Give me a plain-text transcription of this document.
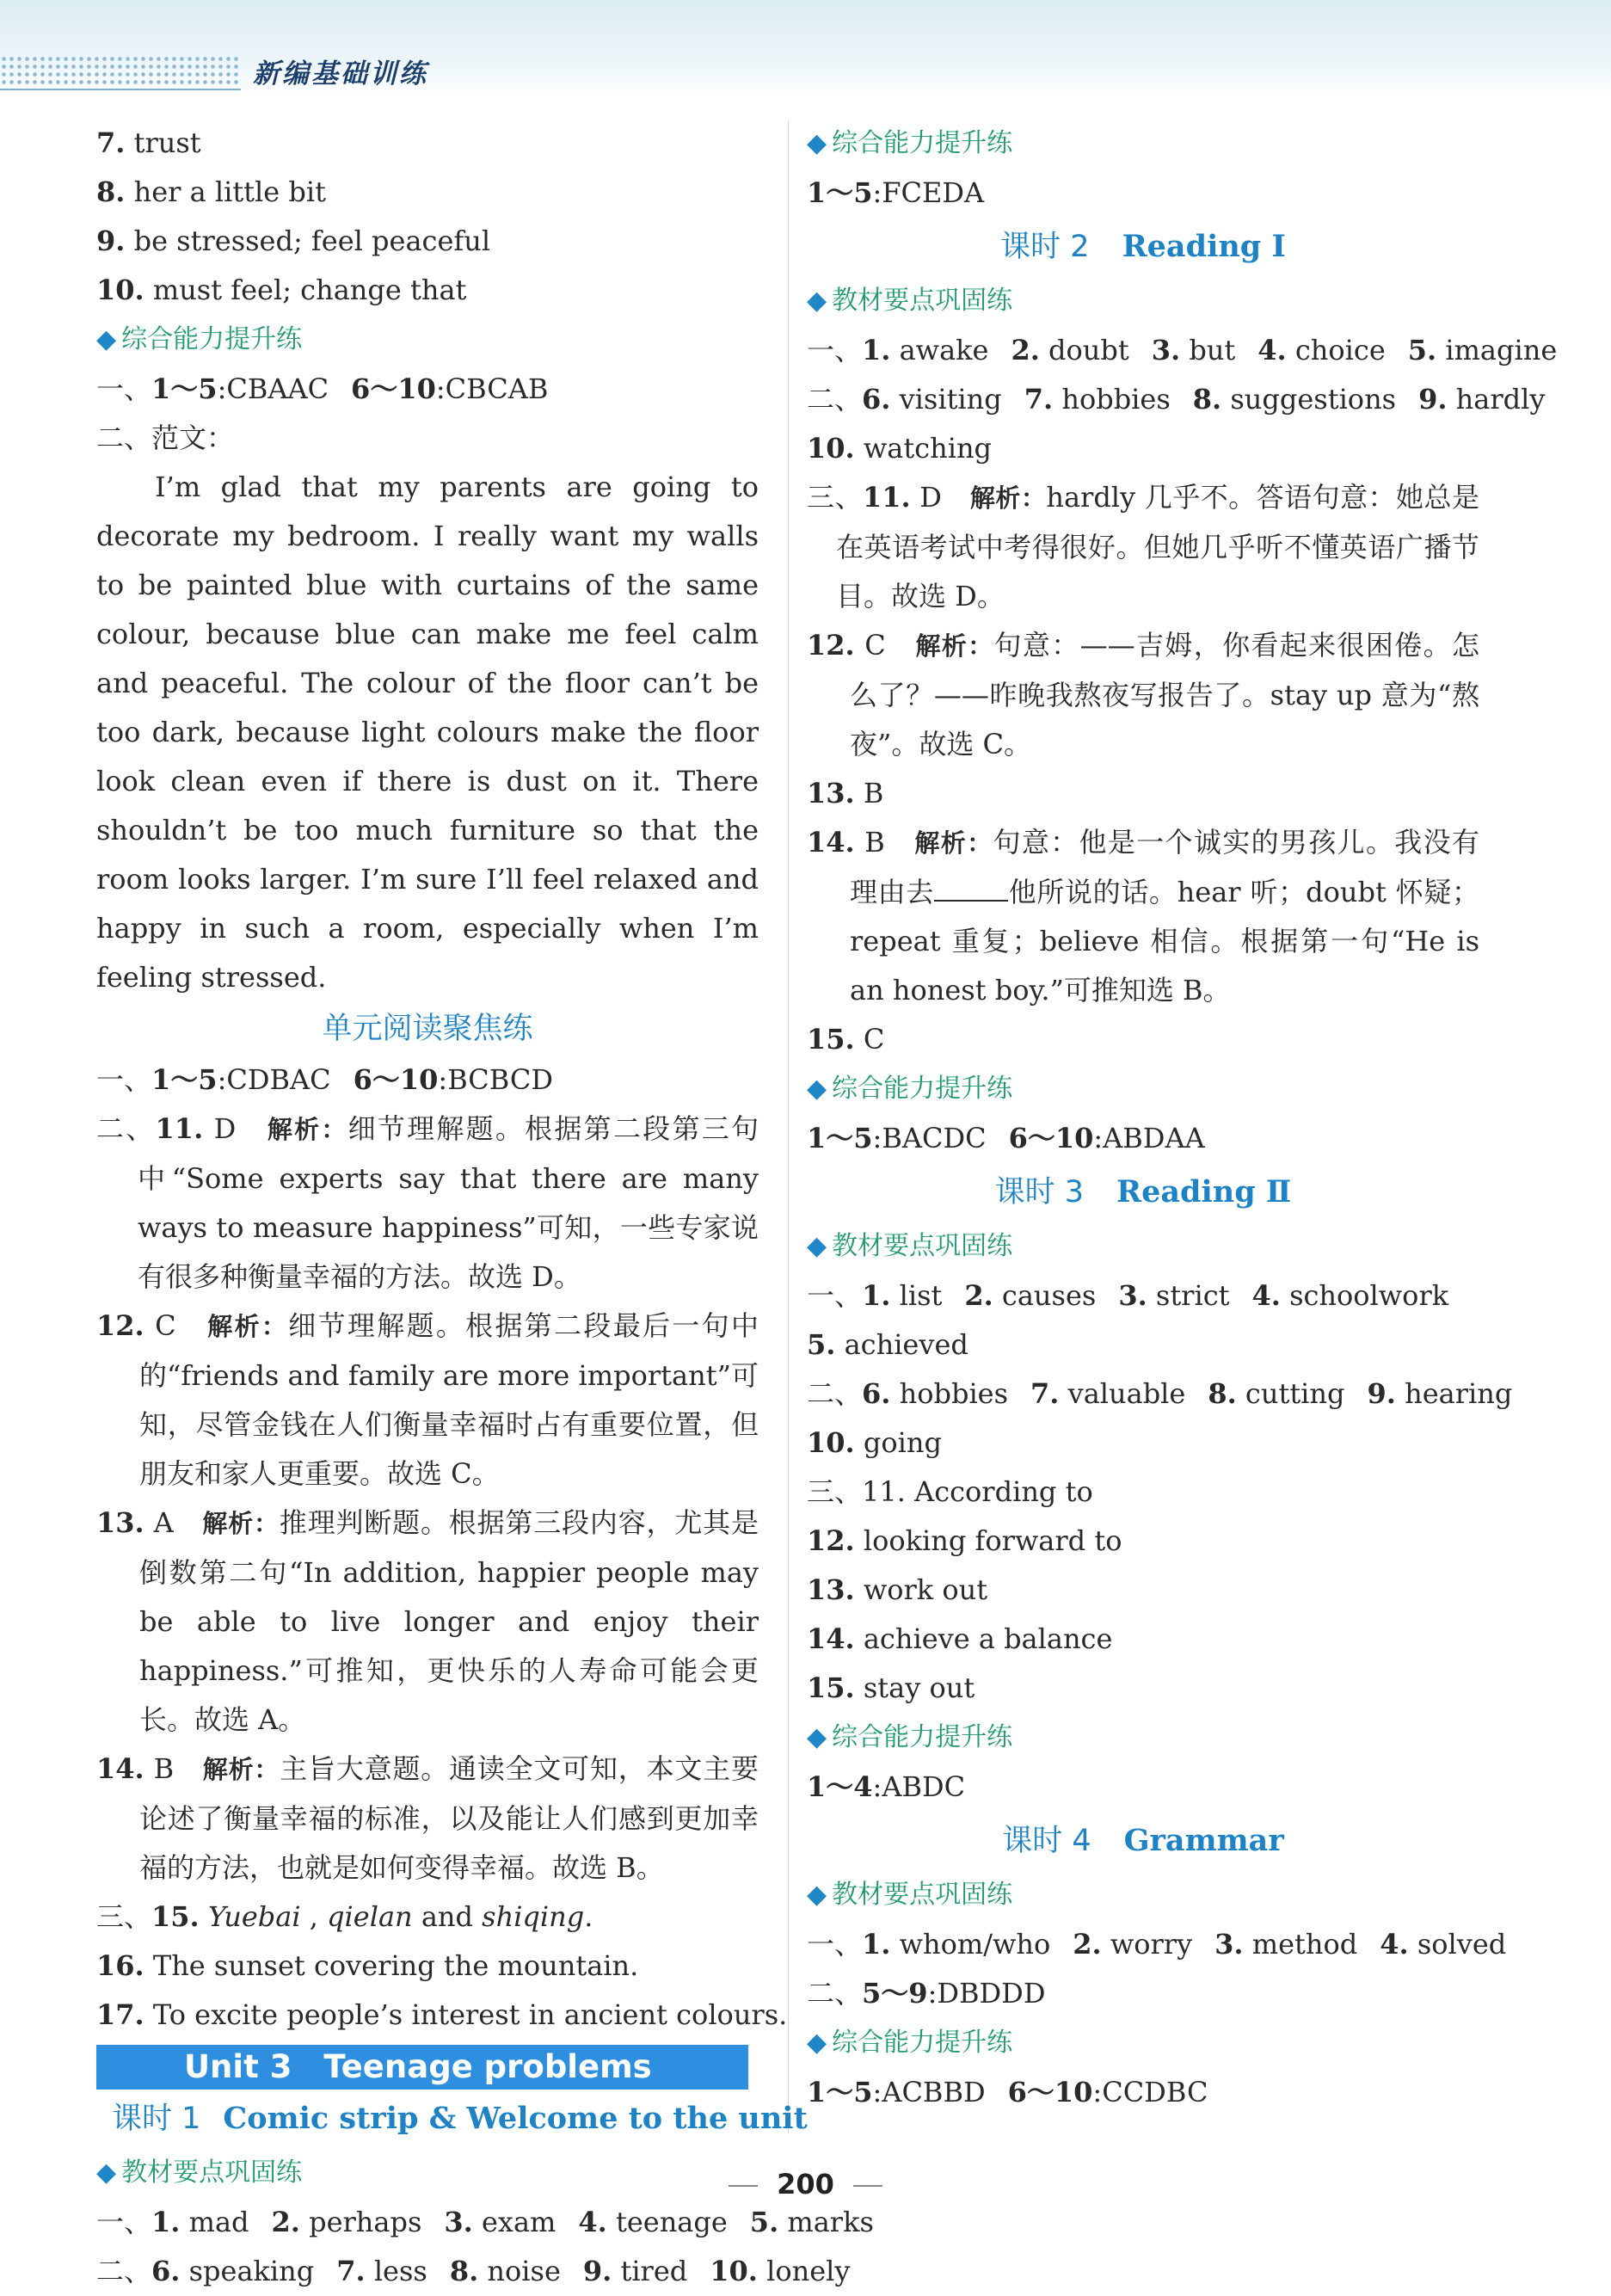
新编基础训练
7. trust
8. her a little bit
9. be stressed; feel peaceful
10. must feel; change that
◆ 综合能力提升练
一、1～5:CBAAC 6～10:CBCAB
二、范文：
I’m glad that my parents are going to decorate my bedroom. I really want my walls to be painted blue with curtains of the same colour, because blue can make me feel calm and peaceful. The colour of the floor can’t be too dark, because light colours make the floor look clean even if there is dust on it. There shouldn’t be too much furniture so that the room looks larger. I’m sure I’ll feel relaxed and happy in such a room, especially when I’m feeling stressed.
单元阅读聚焦练
一、1～5:CDBAC 6～10:BCBCD
二、11. D　 解析：细节理解题。根据第二段第三句中“Some experts say that there are many ways to measure happiness”可知，一些专家说有很多种衡量幸福的方法。故选 D。
12. C　 解析：细节理解题。根据第二段最后一句中的“friends and family are more important”可知，尽管金钱在人们衡量幸福时占有重要位置，但朋友和家人更重要。故选 C。
13. A　 解析：推理判断题。根据第三段内容，尤其是倒数第二句“In addition, happier people may be able to live longer and enjoy their happiness.”可推知，更快乐的人寿命可能会更长。故选 A。
14. B　 解析：主旨大意题。通读全文可知，本文主要论述了衡量幸福的标准，以及能让人们感到更加幸福的方法，也就是如何变得幸福。故选 B。
三、15. Yuebai , qielan and shiqing.
16. The sunset covering the mountain.
17. To excite people’s interest in ancient colours.
Unit 3　Teenage problems
课时 1 Comic strip & Welcome to the unit
◆ 教材要点巩固练
一、1. mad 2. perhaps 3. exam 4. teenage 5. marks
二、6. speaking 7. less 8. noise 9. tired 10. lonely
◆ 综合能力提升练
1～5:FCEDA
课时 2 Reading Ⅰ
◆ 教材要点巩固练
一、1. awake 2. doubt 3. but 4. choice 5. imagine
二、6. visiting 7. hobbies 8. suggestions 9. hardly
10. watching
三、11. D　 解析：hardly 几乎不。答语句意：她总是在英语考试中考得很好。但她几乎听不懂英语广播节目。故选 D。
12. C　 解析：句意：——吉姆，你看起来很困倦。怎么了？——昨晚我熬夜写报告了。stay up 意为“熬夜”。故选 C。
13. B
14. B　 解析：句意：他是一个诚实的男孩儿。我没有理由去	他所说的话。hear 听；doubt 怀疑；repeat 重复；believe 相信。根据第一句“He is an honest boy.”可推知选 B。
15. C
◆ 综合能力提升练
1～5:BACDC 6～10:ABDAA
课时 3 Reading Ⅱ
◆ 教材要点巩固练
一、1. list 2. causes 3. strict 4. schoolwork
5. achieved
二、6. hobbies 7. valuable 8. cutting 9. hearing
10. going
三、11. According to
12. looking forward to
13. work out
14. achieve a balance
15. stay out
◆ 综合能力提升练
1～4:ABDC
课时 4 Grammar
◆ 教材要点巩固练
一、1. whom/who 2. worry 3. method 4. solved
二、5～9:DBDDD
◆ 综合能力提升练
1～5:ACBBD 6～10:CCDBC
200
